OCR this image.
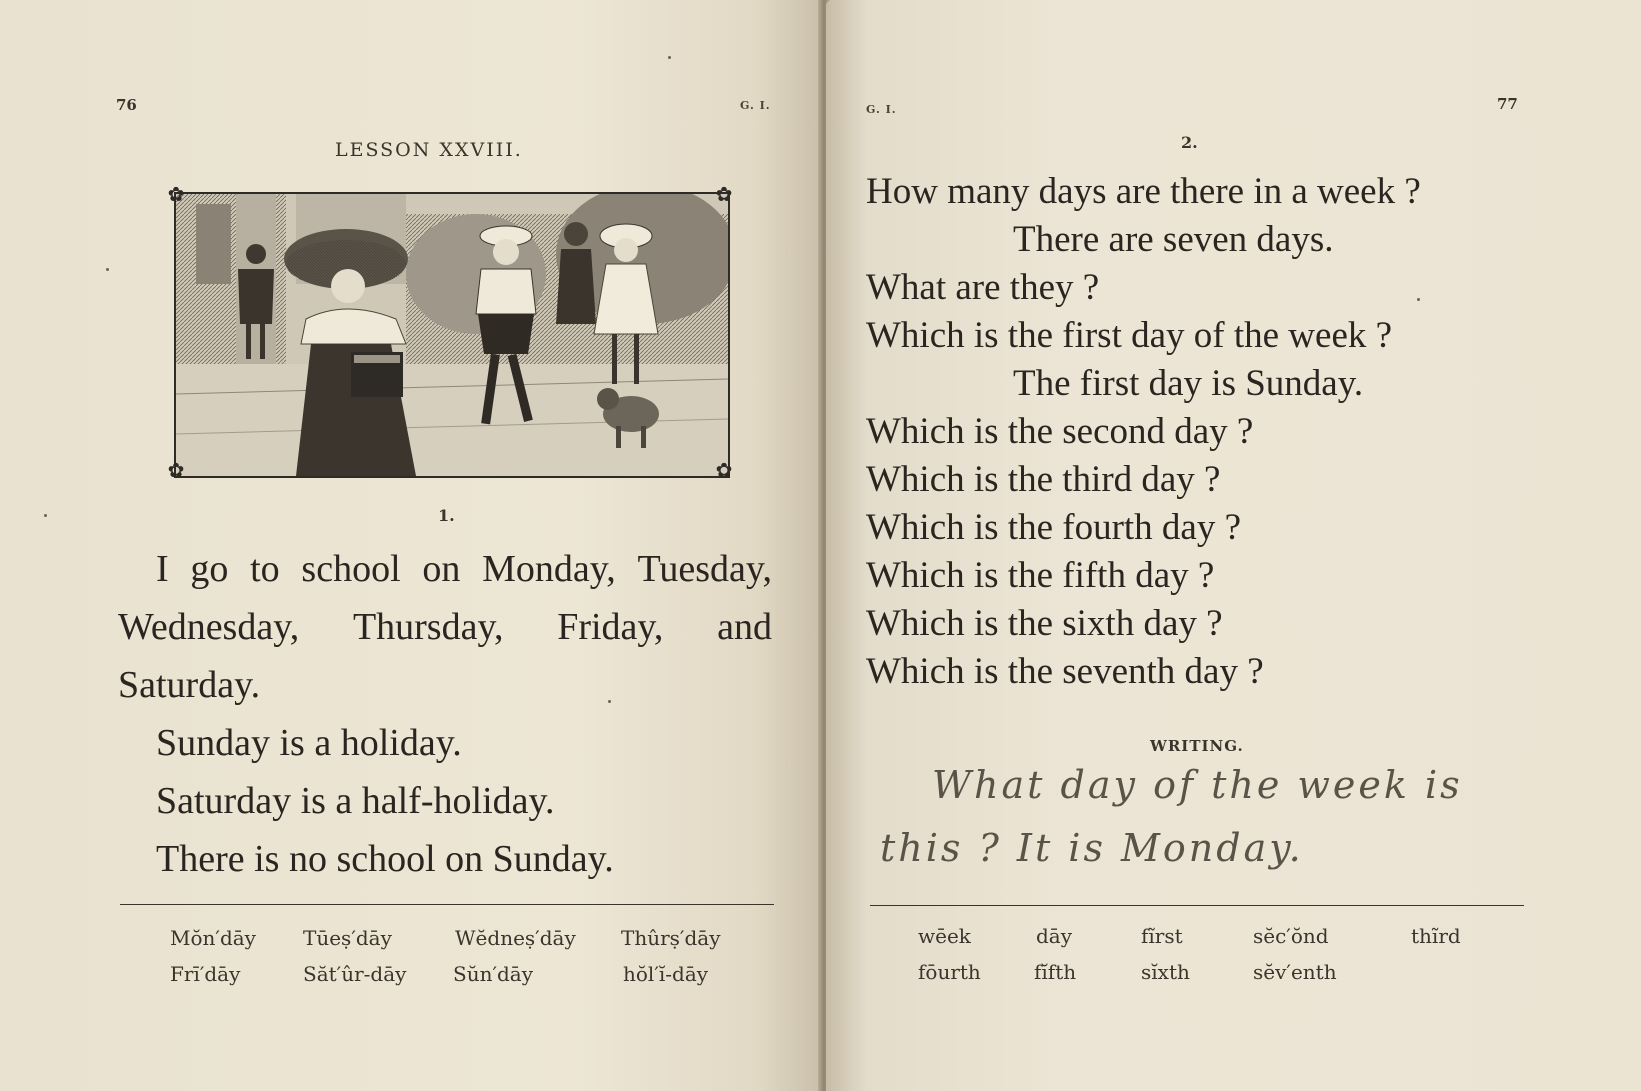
76	G. I.
LESSON XXVIII.
✿	✿
✿	✿
1.
I go to school on Monday, Tuesday,
Wednesday, Thursday, Friday, and
Saturday.
Sunday is a holiday.
Saturday is a half-holiday.
There is no school on Sunday.
Mŏn′dāy Tūeṣ′dāy	Wĕdneṣ′dāy Thûrṣ′dāy
Frī′dāy	Săt′ûr-dāy Sŭn′dāy	hŏl′ĭ-dāy
G. I.	77
2.
How many days are there in a week ?
There are seven days.
What are they ?
Which is the first day of the week ?
The first day is Sunday.
Which is the second day ?
Which is the third day ?
Which is the fourth day ?
Which is the fifth day ?
Which is the sixth day ?
Which is the seventh day ?
WRITING.
What day of the week is
this ? It is Monday.
wēek	dāy	fĩrst	sĕc′ŏnd	thĩrd
fōurth	fĭfth	sĭxth	sĕv′enth
